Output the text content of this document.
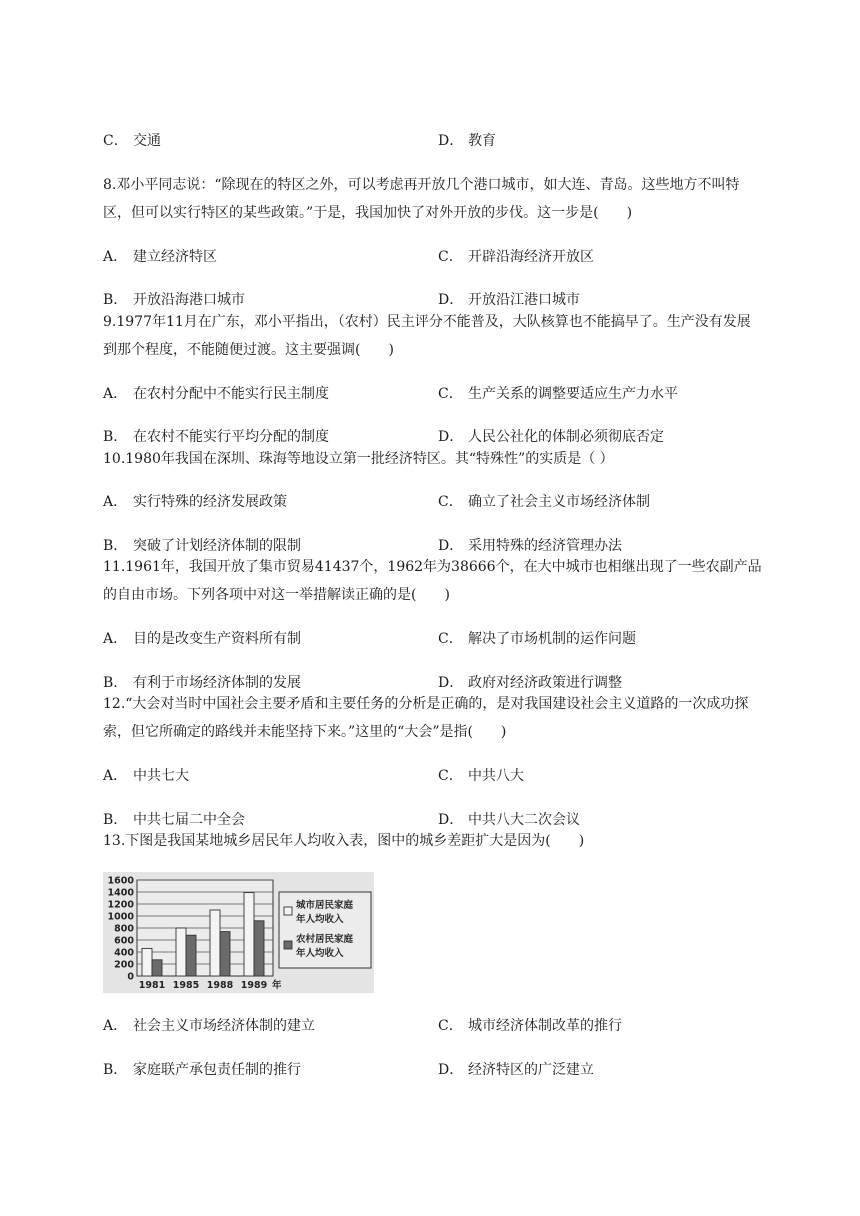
C． 交通	D． 教育
8.邓小平同志说：“除现在的特区之外，可以考虑再开放几个港口城市，如大连、青岛。这些地方不叫特区，但可以实行特区的某些政策。”于是，我国加快了对外开放的步伐。这一步是(　　)
A． 建立经济特区	C． 开辟沿海经济开放区
B． 开放沿海港口城市	D． 开放沿江港口城市
9.1977年11月在广东，邓小平指出，（农村）民主评分不能普及，大队核算也不能搞早了。生产没有发展到那个程度，不能随便过渡。这主要强调(　　)
A． 在农村分配中不能实行民主制度	C． 生产关系的调整要适应生产力水平
B． 在农村不能实行平均分配的制度	D． 人民公社化的体制必须彻底否定
10.1980年我国在深圳、珠海等地设立第一批经济特区。其“特殊性”的实质是（ ）
A． 实行特殊的经济发展政策	C． 确立了社会主义市场经济体制
B． 突破了计划经济体制的限制	D． 采用特殊的经济管理办法
11.1961年，我国开放了集市贸易41437个，1962年为38666个，在大中城市也相继出现了一些农副产品的自由市场。下列各项中对这一举措解读正确的是(　　)
A． 目的是改变生产资料所有制	C． 解决了市场机制的运作问题
B． 有利于市场经济体制的发展	D． 政府对经济政策进行调整
12.“大会对当时中国社会主要矛盾和主要任务的分析是正确的，是对我国建设社会主义道路的一次成功探索，但它所确定的路线并未能坚持下来。”这里的“大会”是指(　　)
A． 中共七大	C． 中共八大
B． 中共七届二中全会	D． 中共八大二次会议
13.下图是我国某地城乡居民年人均收入表，图中的城乡差距扩大是因为(　　)
0
200
400
600
800
1000
1200
1400
1600
1981 1985 1988 1989 年
城市居民家庭
年人均收入
农村居民家庭
年人均收入
A． 社会主义市场经济体制的建立	C． 城市经济体制改革的推行
B． 家庭联产承包责任制的推行	D． 经济特区的广泛建立
